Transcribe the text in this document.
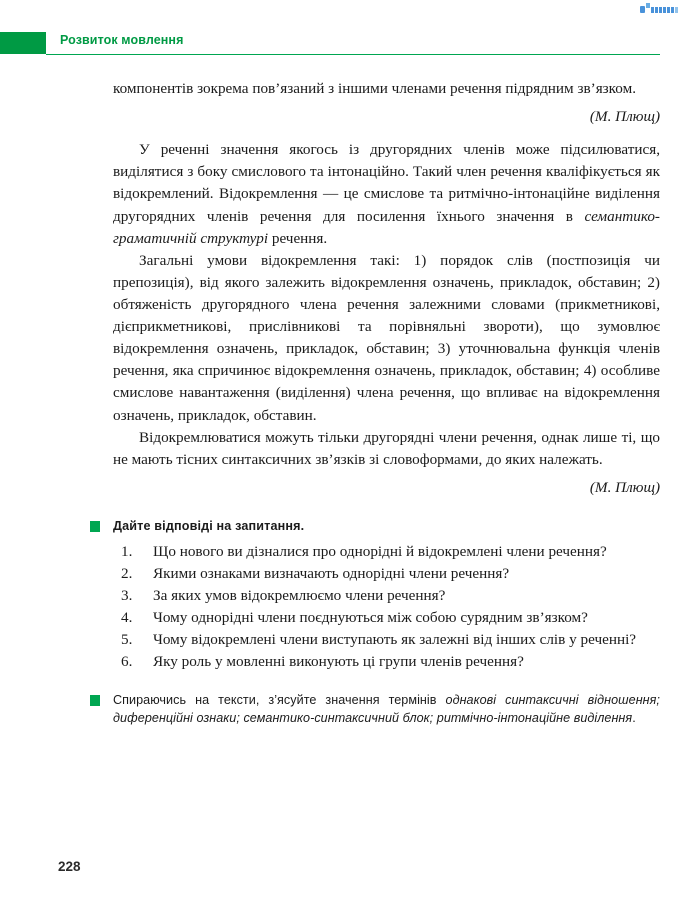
Розвиток мовлення

компонентів зокрема пов’язаний з іншими членами речення підрядним зв’язком.

(М. Плющ)

У реченні значення якогось із другорядних членів може підсилюватися, виділятися з боку смислового та інтонаційно. Такий член речення кваліфікується як відокремлений. Відокремлення — це смислове та ритмічно-інтонаційне виділення другорядних членів речення для посилення їхнього значення в семантико-граматичній структурі речення.

Загальні умови відокремлення такі: 1) порядок слів (постпозиція чи препозиція), від якого залежить відокремлення означень, прикладок, обставин; 2) обтяженість другорядного члена речення залежними словами (прикметникові, дієприкметникові, прислівникові та порівняльні звороти), що зумовлює відокремлення означень, прикладок, обставин; 3) уточнювальна функція членів речення, яка спричинює відокремлення означень, прикладок, обставин; 4) особливе смислове навантаження (виділення) члена речення, що впливає на відокремлення означень, прикладок, обставин.

Відокремлюватися можуть тільки другорядні члени речення, однак лише ті, що не мають тісних синтаксичних зв’язків зі словоформами, до яких належать.

(М. Плющ)

Дайте відповіді на запитання.

1.	Що нового ви дізналися про однорідні й відокремлені члени речення?
2.	Якими ознаками визначають однорідні члени речення?
3.	За яких умов відокремлюємо члени речення?
4.	Чому однорідні члени поєднуються між собою сурядним зв’язком?
5.	Чому відокремлені члени виступають як залежні від інших слів у реченні?
6.	Яку роль у мовленні виконують ці групи членів речення?

Спираючись на тексти, з’ясуйте значення термінів однакові синтаксичні відношення; диференційні ознаки; семантико-синтаксичний блок; ритмічно-інтонаційне виділення.

228
